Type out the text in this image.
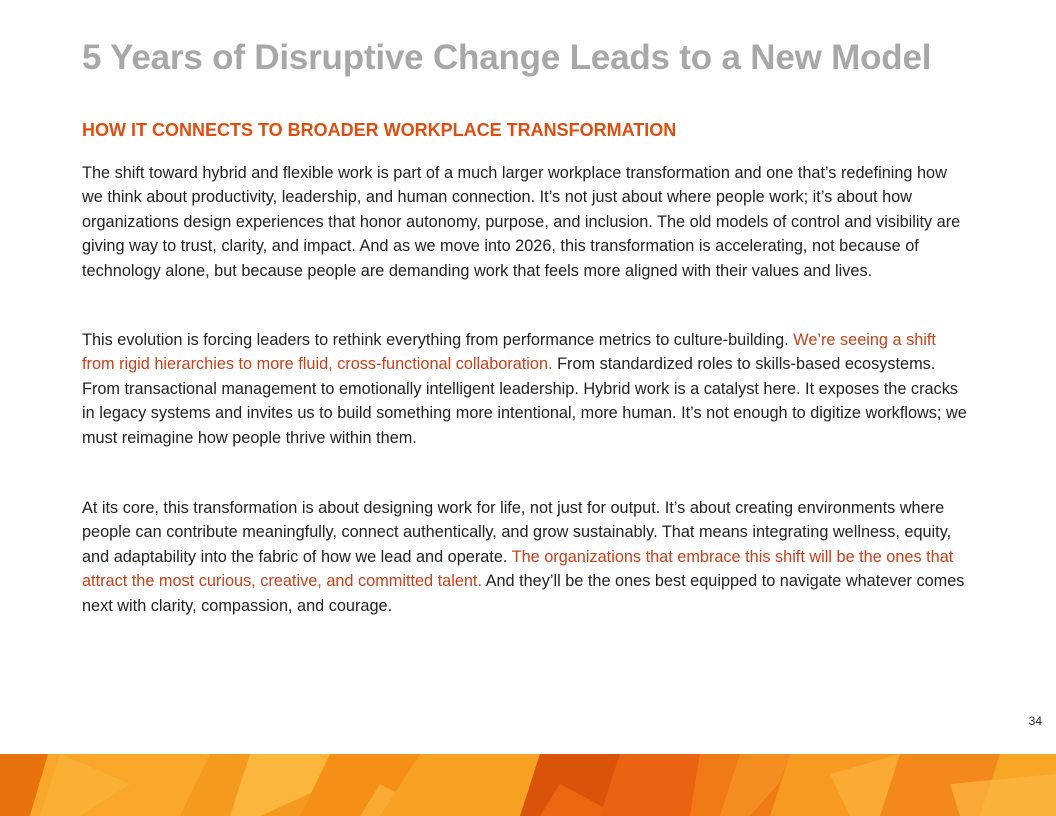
5 Years of Disruptive Change Leads to a New Model
HOW IT CONNECTS TO BROADER WORKPLACE TRANSFORMATION

The shift toward hybrid and flexible work is part of a much larger workplace transformation and one that’s redefining how we think about productivity, leadership, and human connection. It’s not just about where people work; it’s about how organizations design experiences that honor autonomy, purpose, and inclusion. The old models of control and visibility are giving way to trust, clarity, and impact. And as we move into 2026, this transformation is accelerating, not because of technology alone, but because people are demanding work that feels more aligned with their values and lives.

This evolution is forcing leaders to rethink everything from performance metrics to culture-building. We’re seeing a shift from rigid hierarchies to more fluid, cross-functional collaboration. From standardized roles to skills-based ecosystems. From transactional management to emotionally intelligent leadership. Hybrid work is a catalyst here. It exposes the cracks in legacy systems and invites us to build something more intentional, more human. It’s not enough to digitize workflows; we must reimagine how people thrive within them.

At its core, this transformation is about designing work for life, not just for output. It’s about creating environments where people can contribute meaningfully, connect authentically, and grow sustainably. That means integrating wellness, equity, and adaptability into the fabric of how we lead and operate. The organizations that embrace this shift will be the ones that attract the most curious, creative, and committed talent. And they’ll be the ones best equipped to navigate whatever comes next with clarity, compassion, and courage.

34
